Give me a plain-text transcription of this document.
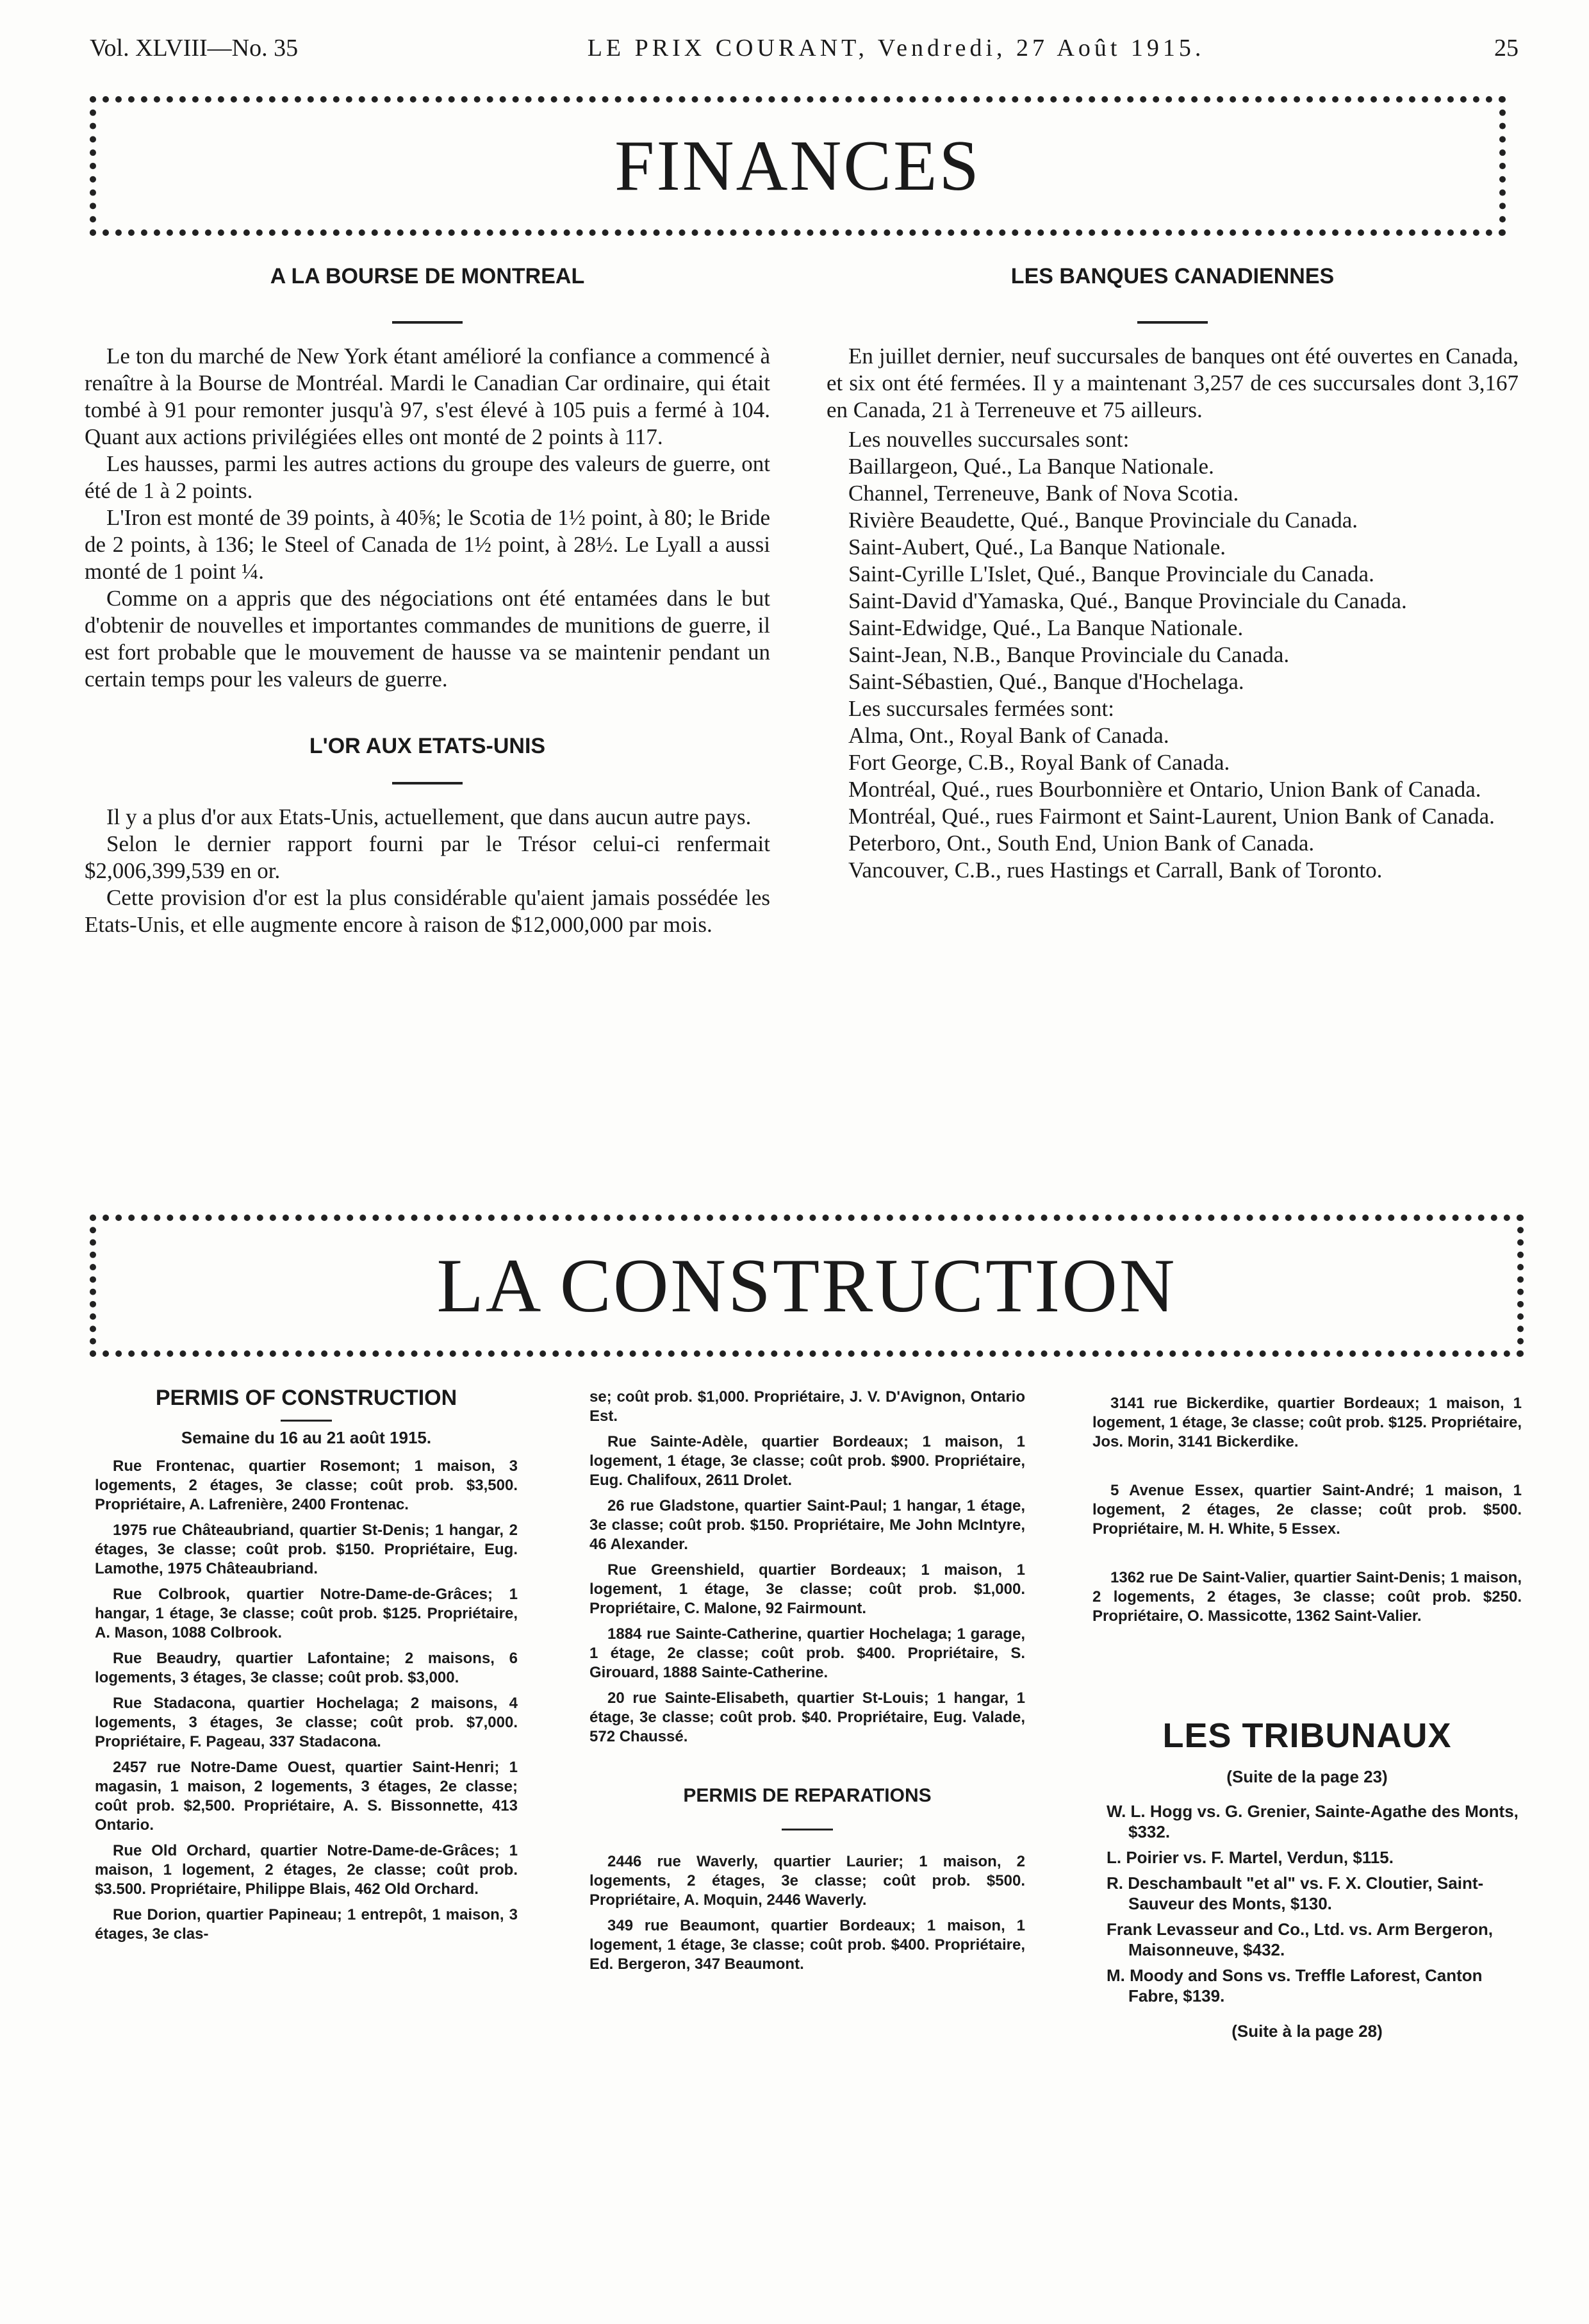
Vol. XLVIII—No. 35	LE PRIX COURANT, Vendredi, 27 Août 1915.	25
FINANCES
A LA BOURSE DE MONTREAL

Le ton du marché de New York étant amélioré la confiance a commencé à renaître à la Bourse de Montréal. Mardi le Canadian Car ordinaire, qui était tombé à 91 pour remonter jusqu'à 97, s'est élevé à 105 puis a fermé à 104. Quant aux actions privilégiées elles ont monté de 2 points à 117.

Les hausses, parmi les autres actions du groupe des valeurs de guerre, ont été de 1 à 2 points.

L'Iron est monté de 39 points, à 40⅝; le Scotia de 1½ point, à 80; le Bride de 2 points, à 136; le Steel of Canada de 1½ point, à 28½. Le Lyall a aussi monté de 1 point ¼.

Comme on a appris que des négociations ont été entamées dans le but d'obtenir de nouvelles et importantes commandes de munitions de guerre, il est fort probable que le mouvement de hausse va se maintenir pendant un certain temps pour les valeurs de guerre.

L'OR AUX ETATS-UNIS

Il y a plus d'or aux Etats-Unis, actuellement, que dans aucun autre pays.

Selon le dernier rapport fourni par le Trésor celui-ci renfermait $2,006,399,539 en or.

Cette provision d'or est la plus considérable qu'aient jamais possédée les Etats-Unis, et elle augmente encore à raison de $12,000,000 par mois.

LES BANQUES CANADIENNES

En juillet dernier, neuf succursales de banques ont été ouvertes en Canada, et six ont été fermées. Il y a maintenant 3,257 de ces succursales dont 3,167 en Canada, 21 à Terreneuve et 75 ailleurs.

Les nouvelles succursales sont:

Baillargeon, Qué., La Banque Nationale.

Channel, Terreneuve, Bank of Nova Scotia.

Rivière Beaudette, Qué., Banque Provinciale du Canada.

Saint-Aubert, Qué., La Banque Nationale.

Saint-Cyrille L'Islet, Qué., Banque Provinciale du Canada.

Saint-David d'Yamaska, Qué., Banque Provinciale du Canada.

Saint-Edwidge, Qué., La Banque Nationale.

Saint-Jean, N.B., Banque Provinciale du Canada.

Saint-Sébastien, Qué., Banque d'Hochelaga.

Les succursales fermées sont:

Alma, Ont., Royal Bank of Canada.

Fort George, C.B., Royal Bank of Canada.

Montréal, Qué., rues Bourbonnière et Ontario, Union Bank of Canada.

Montréal, Qué., rues Fairmont et Saint-Laurent, Union Bank of Canada.

Peterboro, Ont., South End, Union Bank of Canada.

Vancouver, C.B., rues Hastings et Carrall, Bank of Toronto.

LA CONSTRUCTION
PERMIS OF CONSTRUCTION

Semaine du 16 au 21 août 1915.

Rue Frontenac, quartier Rosemont; 1 maison, 3 logements, 2 étages, 3e classe; coût prob. $3,500. Propriétaire, A. Lafrenière, 2400 Frontenac.

1975 rue Châteaubriand, quartier St-Denis; 1 hangar, 2 étages, 3e classe; coût prob. $150. Propriétaire, Eug. Lamothe, 1975 Châteaubriand.

Rue Colbrook, quartier Notre-Dame-de-Grâces; 1 hangar, 1 étage, 3e classe; coût prob. $125. Propriétaire, A. Mason, 1088 Colbrook.

Rue Beaudry, quartier Lafontaine; 2 maisons, 6 logements, 3 étages, 3e classe; coût prob. $3,000.

Rue Stadacona, quartier Hochelaga; 2 maisons, 4 logements, 3 étages, 3e classe; coût prob. $7,000. Propriétaire, F. Pageau, 337 Stadacona.

2457 rue Notre-Dame Ouest, quartier Saint-Henri; 1 magasin, 1 maison, 2 logements, 3 étages, 2e classe; coût prob. $2,500. Propriétaire, A. S. Bissonnette, 413 Ontario.

Rue Old Orchard, quartier Notre-Dame-de-Grâces; 1 maison, 1 logement, 2 étages, 2e classe; coût prob. $3.500. Propriétaire, Philippe Blais, 462 Old Orchard.

Rue Dorion, quartier Papineau; 1 entrepôt, 1 maison, 3 étages, 3e clas-

se; coût prob. $1,000. Propriétaire, J. V. D'Avignon, Ontario Est.

Rue Sainte-Adèle, quartier Bordeaux; 1 maison, 1 logement, 1 étage, 3e classe; coût prob. $900. Propriétaire, Eug. Chalifoux, 2611 Drolet.

26 rue Gladstone, quartier Saint-Paul; 1 hangar, 1 étage, 3e classe; coût prob. $150. Propriétaire, Me John McIntyre, 46 Alexander.

Rue Greenshield, quartier Bordeaux; 1 maison, 1 logement, 1 étage, 3e classe; coût prob. $1,000. Propriétaire, C. Malone, 92 Fairmount.

1884 rue Sainte-Catherine, quartier Hochelaga; 1 garage, 1 étage, 2e classe; coût prob. $400. Propriétaire, S. Girouard, 1888 Sainte-Catherine.

20 rue Sainte-Elisabeth, quartier St-Louis; 1 hangar, 1 étage, 3e classe; coût prob. $40. Propriétaire, Eug. Valade, 572 Chaussé.

PERMIS DE REPARATIONS

2446 rue Waverly, quartier Laurier; 1 maison, 2 logements, 2 étages, 3e classe; coût prob. $500. Propriétaire, A. Moquin, 2446 Waverly.

349 rue Beaumont, quartier Bordeaux; 1 maison, 1 logement, 1 étage, 3e classe; coût prob. $400. Propriétaire, Ed. Bergeron, 347 Beaumont.

3141 rue Bickerdike, quartier Bordeaux; 1 maison, 1 logement, 1 étage, 3e classe; coût prob. $125. Propriétaire, Jos. Morin, 3141 Bickerdike.

5 Avenue Essex, quartier Saint-André; 1 maison, 1 logement, 2 étages, 2e classe; coût prob. $500. Propriétaire, M. H. White, 5 Essex.

1362 rue De Saint-Valier, quartier Saint-Denis; 1 maison, 2 logements, 2 étages, 3e classe; coût prob. $250. Propriétaire, O. Massicotte, 1362 Saint-Valier.

LES TRIBUNAUX

(Suite de la page 23)

W. L. Hogg vs. G. Grenier, Sainte-Agathe des Monts, $332.

L. Poirier vs. F. Martel, Verdun, $115.

R. Deschambault "et al" vs. F. X. Cloutier, Saint-Sauveur des Monts, $130.

Frank Levasseur and Co., Ltd. vs. Arm Bergeron, Maisonneuve, $432.

M. Moody and Sons vs. Treffle Laforest, Canton Fabre, $139.

(Suite à la page 28)
